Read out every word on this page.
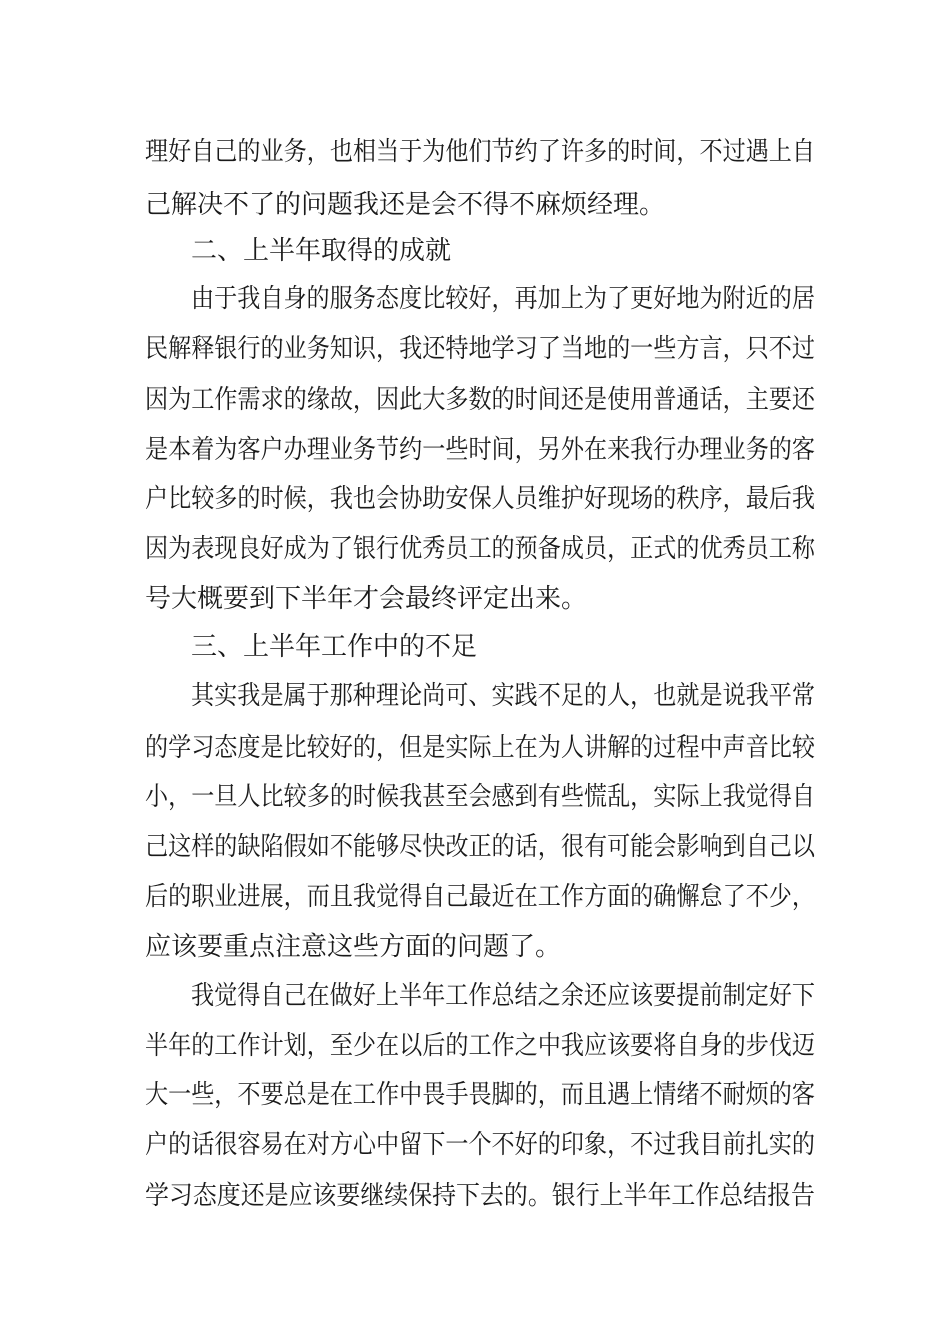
理好自己的业务，也相当于为他们节约了许多的时间，不过遇上自
己解决不了的问题我还是会不得不麻烦经理。
二、上半年取得的成就
由于我自身的服务态度比较好，再加上为了更好地为附近的居
民解释银行的业务知识，我还特地学习了当地的一些方言，只不过
因为工作需求的缘故，因此大多数的时间还是使用普通话，主要还
是本着为客户办理业务节约一些时间，另外在来我行办理业务的客
户比较多的时候，我也会协助安保人员维护好现场的秩序，最后我
因为表现良好成为了银行优秀员工的预备成员，正式的优秀员工称
号大概要到下半年才会最终评定出来。
三、上半年工作中的不足
其实我是属于那种理论尚可、实践不足的人，也就是说我平常
的学习态度是比较好的，但是实际上在为人讲解的过程中声音比较
小，一旦人比较多的时候我甚至会感到有些慌乱，实际上我觉得自
己这样的缺陷假如不能够尽快改正的话，很有可能会影响到自己以
后的职业进展，而且我觉得自己最近在工作方面的确懈怠了不少，
应该要重点注意这些方面的问题了。
我觉得自己在做好上半年工作总结之余还应该要提前制定好下
半年的工作计划，至少在以后的工作之中我应该要将自身的步伐迈
大一些，不要总是在工作中畏手畏脚的，而且遇上情绪不耐烦的客
户的话很容易在对方心中留下一个不好的印象，不过我目前扎实的
学习态度还是应该要继续保持下去的。银行上半年工作总结报告
